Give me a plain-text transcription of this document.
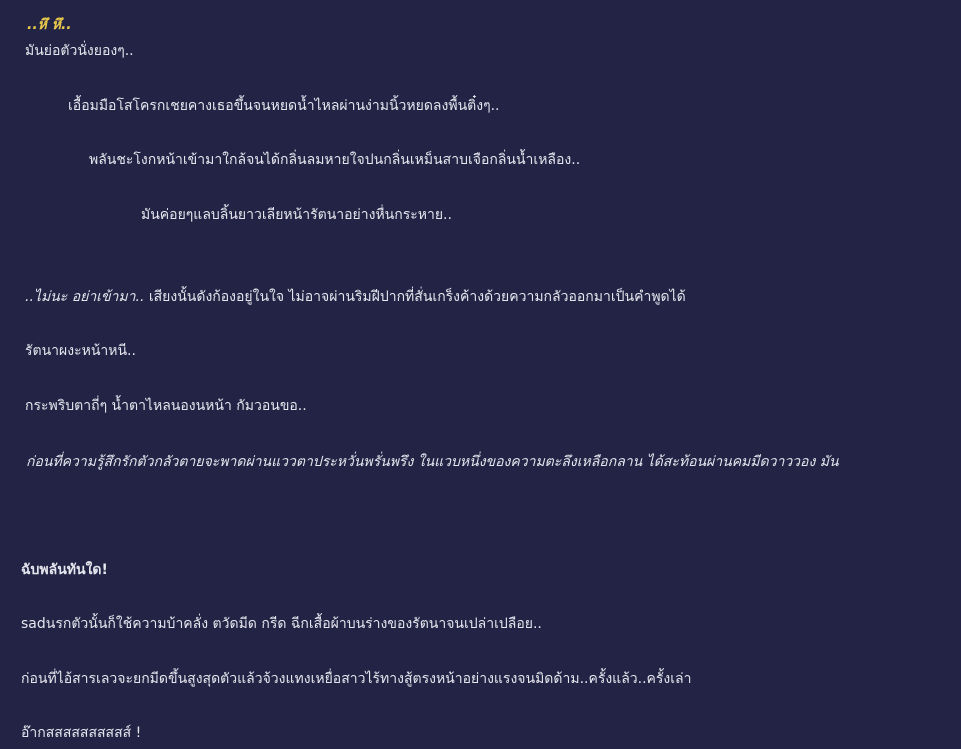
..หึ หึ..
มันย่อตัวนั่งยองๆ..
เอื้อมมือโสโครกเชยคางเธอขึ้นจนหยดน้ำไหลผ่านง่ามนิ้วหยดลงพื้นติ๋งๆ..
พลันชะโงกหน้าเข้ามาใกล้จนได้กลิ่นลมหายใจปนกลิ่นเหม็นสาบเจือกลิ่นน้ำเหลือง..
มันค่อยๆแลบลิ้นยาวเลียหน้ารัตนาอย่างหื่นกระหาย..
..ไม่นะ อย่าเข้ามา.. เสียงนั้นดังก้องอยู่ในใจ ไม่อาจผ่านริมฝีปากที่สั่นเกร็งค้างด้วยความกลัวออกมาเป็นคำพูดได้
รัตนาผงะหน้าหนี..
กระพริบตาถี่ๆ น้ำตาไหลนองนหน้า กัมวอนขอ..
ก่อนที่ความรู้สึกรักตัวกลัวตายจะพาดผ่านแววตาประหวั่นพรั่นพรึง ในแวบหนึ่งของความตะลึงเหลือกลาน ได้สะท้อนผ่านคมมีดวาววอง มัน
ฉับพลันทันใด!
sadนรกตัวนั้นก็ใช้ความบ้าคลั่ง ตวัดมีด กรีด ฉีกเสื้อผ้าบนร่างของรัตนาจนเปล่าเปลือย..
ก่อนที่ไอ้สารเลวจะยกมีดขึ้นสูงสุดตัวแล้วจ้วงแทงเหยื่อสาวไร้ทางสู้ตรงหน้าอย่างแรงจนมิดด้าม..ครั้งแล้ว..ครั้งเล่า
อ๊ากสสสสสสสสสส์ !
